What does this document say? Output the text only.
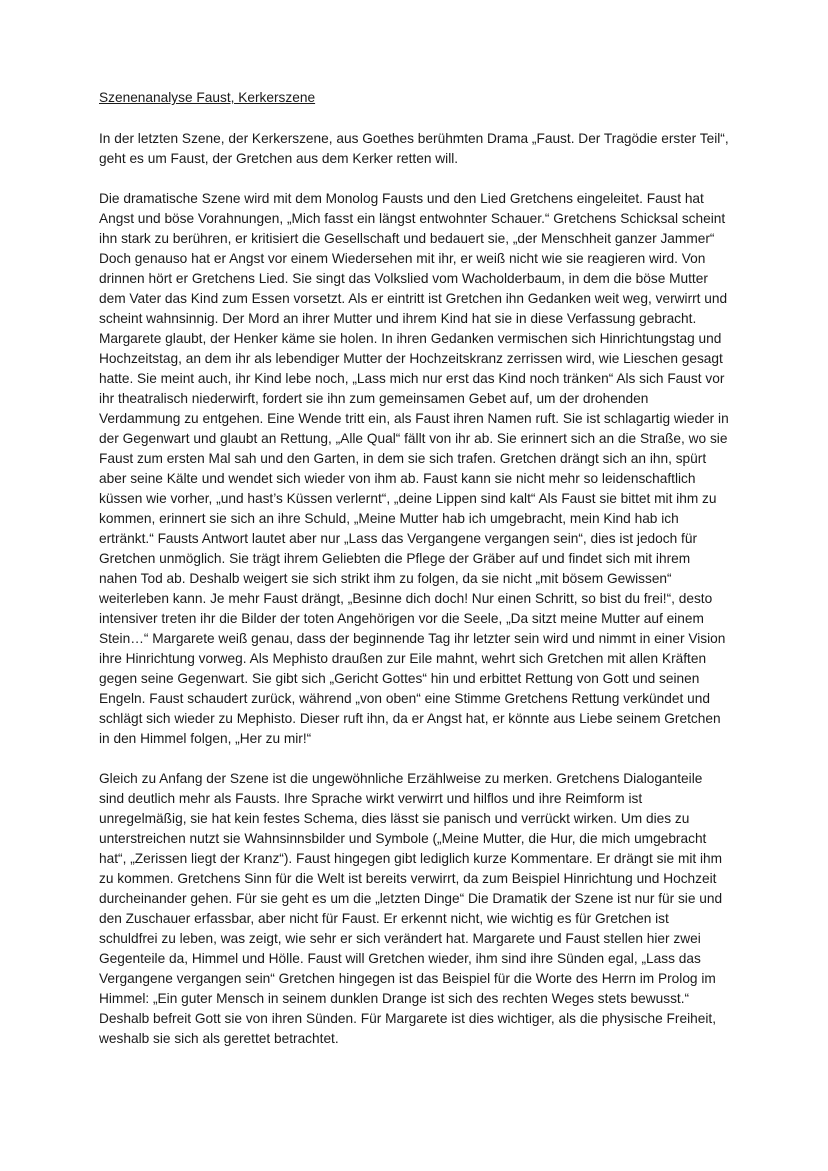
Szenenanalyse Faust, Kerkerszene

In der letzten Szene, der Kerkerszene, aus Goethes berühmten Drama „Faust. Der Tragödie erster Teil“, geht es um Faust, der Gretchen aus dem Kerker retten will.

Die dramatische Szene wird mit dem Monolog Fausts und den Lied Gretchens eingeleitet. Faust hat Angst und böse Vorahnungen, „Mich fasst ein längst entwohnter Schauer.“ Gretchens Schicksal scheint ihn stark zu berühren, er kritisiert die Gesellschaft und bedauert sie, „der Menschheit ganzer Jammer“ Doch genauso hat er Angst vor einem Wiedersehen mit ihr, er weiß nicht wie sie reagieren wird. Von drinnen hört er Gretchens Lied. Sie singt das Volkslied vom Wacholderbaum, in dem die böse Mutter dem Vater das Kind zum Essen vorsetzt. Als er eintritt ist Gretchen ihn Gedanken weit weg, verwirrt und scheint wahnsinnig. Der Mord an ihrer Mutter und ihrem Kind hat sie in diese Verfassung gebracht. Margarete glaubt, der Henker käme sie holen. In ihren Gedanken vermischen sich Hinrichtungstag und Hochzeitstag, an dem ihr als lebendiger Mutter der Hochzeitskranz zerrissen wird, wie Lieschen gesagt hatte. Sie meint auch, ihr Kind lebe noch, „Lass mich nur erst das Kind noch tränken“ Als sich Faust vor ihr theatralisch niederwirft, fordert sie ihn zum gemeinsamen Gebet auf, um der drohenden Verdammung zu entgehen. Eine Wende tritt ein, als Faust ihren Namen ruft. Sie ist schlagartig wieder in der Gegenwart und glaubt an Rettung, „Alle Qual“ fällt von ihr ab. Sie erinnert sich an die Straße, wo sie Faust zum ersten Mal sah und den Garten, in dem sie sich trafen. Gretchen drängt sich an ihn, spürt aber seine Kälte und wendet sich wieder von ihm ab. Faust kann sie nicht mehr so leidenschaftlich küssen wie vorher, „und hast’s Küssen verlernt“, „deine Lippen sind kalt“ Als Faust sie bittet mit ihm zu kommen, erinnert sie sich an ihre Schuld, „Meine Mutter hab ich umgebracht, mein Kind hab ich ertränkt.“ Fausts Antwort lautet aber nur „Lass das Vergangene vergangen sein“, dies ist jedoch für Gretchen unmöglich. Sie trägt ihrem Geliebten die Pflege der Gräber auf und findet sich mit ihrem nahen Tod ab. Deshalb weigert sie sich strikt ihm zu folgen, da sie nicht „mit bösem Gewissen“ weiterleben kann. Je mehr Faust drängt, „Besinne dich doch! Nur einen Schritt, so bist du frei!“, desto intensiver treten ihr die Bilder der toten Angehörigen vor die Seele, „Da sitzt meine Mutter auf einem Stein…“ Margarete weiß genau, dass der beginnende Tag ihr letzter sein wird und nimmt in einer Vision ihre Hinrichtung vorweg. Als Mephisto draußen zur Eile mahnt, wehrt sich Gretchen mit allen Kräften gegen seine Gegenwart. Sie gibt sich „Gericht Gottes“ hin und erbittet Rettung von Gott und seinen Engeln. Faust schaudert zurück, während „von oben“ eine Stimme Gretchens Rettung verkündet und schlägt sich wieder zu Mephisto. Dieser ruft ihn, da er Angst hat, er könnte aus Liebe seinem Gretchen in den Himmel folgen, „Her zu mir!“

Gleich zu Anfang der Szene ist die ungewöhnliche Erzählweise zu merken. Gretchens Dialoganteile sind deutlich mehr als Fausts. Ihre Sprache wirkt verwirrt und hilflos und ihre Reimform ist unregelmäßig, sie hat kein festes Schema, dies lässt sie panisch und verrückt wirken. Um dies zu unterstreichen nutzt sie Wahnsinnsbilder und Symbole („Meine Mutter, die Hur, die mich umgebracht hat“, „Zerissen liegt der Kranz“). Faust hingegen gibt lediglich kurze Kommentare. Er drängt sie mit ihm zu kommen. Gretchens Sinn für die Welt ist bereits verwirrt, da zum Beispiel Hinrichtung und Hochzeit durcheinander gehen. Für sie geht es um die „letzten Dinge“ Die Dramatik der Szene ist nur für sie und den Zuschauer erfassbar, aber nicht für Faust. Er erkennt nicht, wie wichtig es für Gretchen ist schuldfrei zu leben, was zeigt, wie sehr er sich verändert hat. Margarete und Faust stellen hier zwei Gegenteile da, Himmel und Hölle. Faust will Gretchen wieder, ihm sind ihre Sünden egal, „Lass das Vergangene vergangen sein“ Gretchen hingegen ist das Beispiel für die Worte des Herrn im Prolog im Himmel: „Ein guter Mensch in seinem dunklen Drange ist sich des rechten Weges stets bewusst.“ Deshalb befreit Gott sie von ihren Sünden. Für Margarete ist dies wichtiger, als die physische Freiheit, weshalb sie sich als gerettet betrachtet.
